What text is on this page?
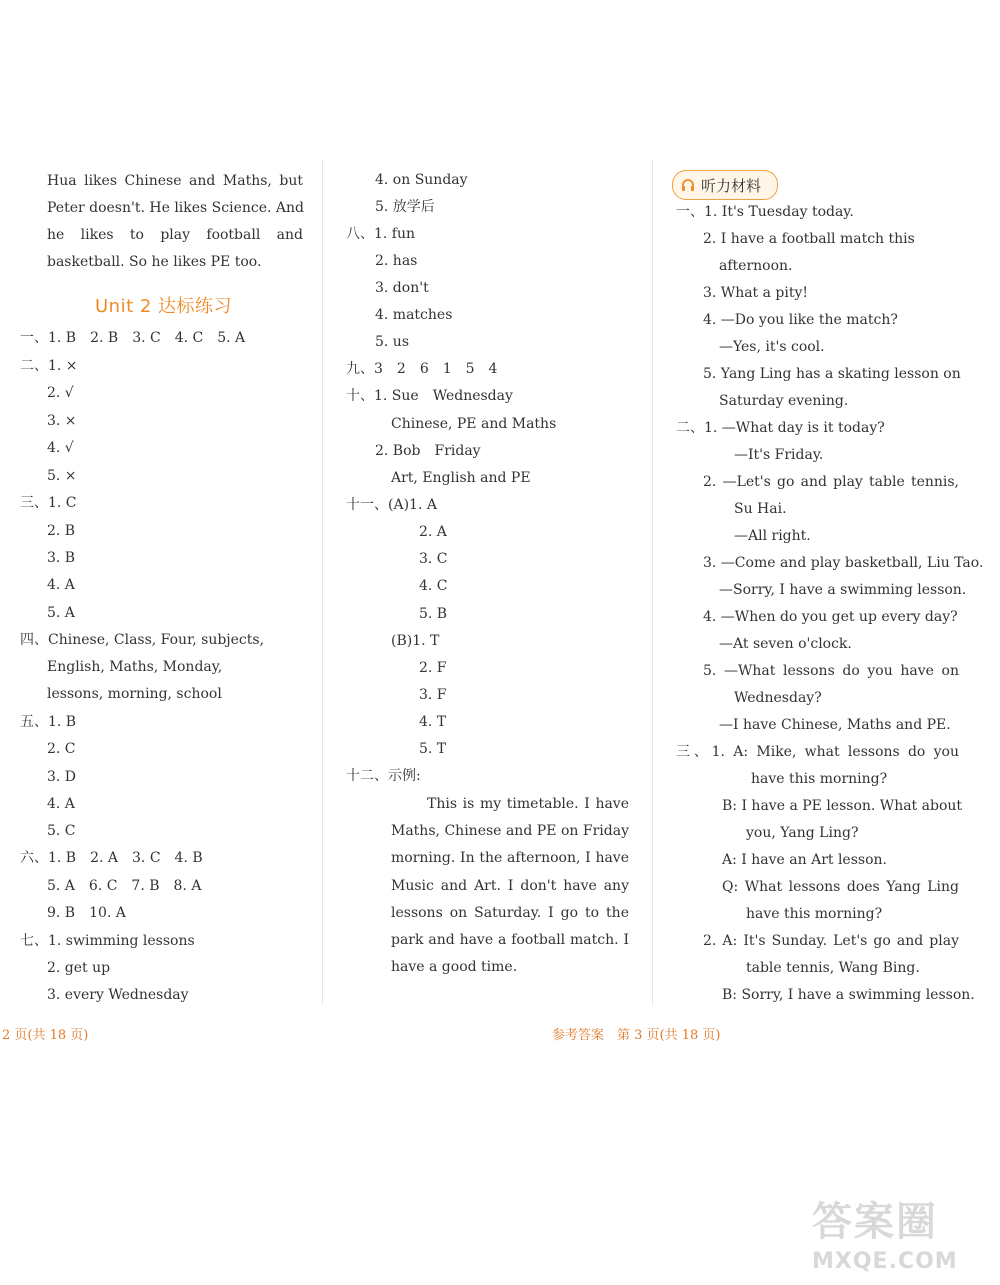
Hua likes Chinese and Maths, but
Peter doesn't. He likes Science. And
he likes to play football and
basketball. So he likes PE too.
Unit 2 达标练习
一、1. B　2. B　3. C　4. C　5. A
二、1. ×
2. √
3. ×
4. √
5. ×
三、1. C
2. B
3. B
4. A
5. A
四、Chinese, Class, Four, subjects,
English, Maths, Monday,
lessons, morning, school
五、1. B
2. C
3. D
4. A
5. C
六、1. B　2. A　3. C　4. B
5. A　6. C　7. B　8. A
9. B　10. A
七、1. swimming lessons
2. get up
3. every Wednesday
4. on Sunday
5. 放学后
八、1. fun
2. has
3. don't
4. matches
5. us
九、3　2　6　1　5　4
十、1. Sue　Wednesday
Chinese, PE and Maths
2. Bob　Friday
Art, English and PE
十一、(A)1. A
2. A
3. C
4. C
5. B
(B)1. T
2. F
3. F
4. T
5. T
十二、示例:
This is my timetable. I have
Maths, Chinese and PE on Friday
morning. In the afternoon, I have
Music and Art. I don't have any
lessons on Saturday. I go to the
park and have a football match. I
have a good time.
听力材料
一、1. It's Tuesday today.
2. I have a football match this
afternoon.
3. What a pity!
4. —Do you like the match?
—Yes, it's cool.
5. Yang Ling has a skating lesson on
Saturday evening.
二、1. —What day is it today?
—It's Friday.
2. —Let's go and play table tennis,
Su Hai.
—All right.
3. —Come and play basketball, Liu Tao.
—Sorry, I have a swimming lesson.
4. —When do you get up every day?
—At seven o'clock.
5. —What lessons do you have on
Wednesday?
—I have Chinese, Maths and PE.
三、1. A: Mike, what lessons do you
have this morning?
B: I have a PE lesson. What about
you, Yang Ling?
A: I have an Art lesson.
Q: What lessons does Yang Ling
have this morning?
2. A: It's Sunday. Let's go and play
table tennis, Wang Bing.
B: Sorry, I have a swimming lesson.
2 页(共 18 页)	参考答案　第 3 页(共 18 页)
答案圈
MXQE.COM
